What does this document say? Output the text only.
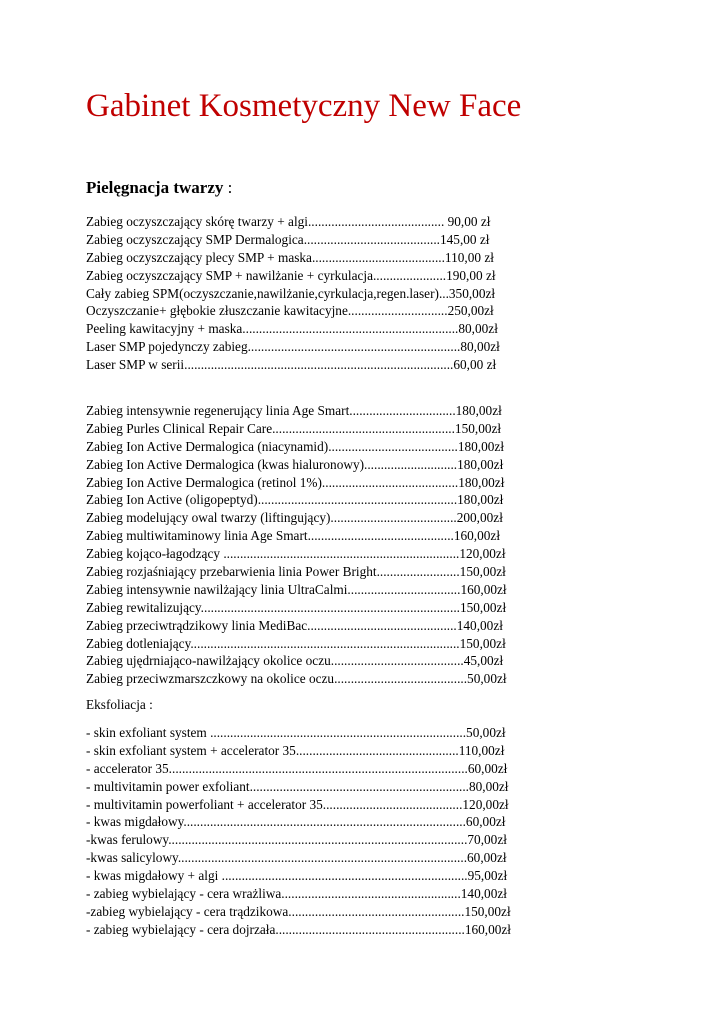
Gabinet Kosmetyczny New Face
Pielęgnacja twarzy :
Zabieg oczyszczający skórę twarzy + algi......................................... 90,00 zł
Zabieg oczyszczający SMP Dermalogica.........................................145,00 zł
Zabieg oczyszczający plecy SMP + maska........................................110,00 zł
Zabieg oczyszczający SMP + nawilżanie + cyrkulacja......................190,00 zł
Cały zabieg SPM(oczyszczanie,nawilżanie,cyrkulacja,regen.laser)...350,00zł
Oczyszczanie+ głębokie złuszczanie kawitacyjne..............................250,00zł
Peeling kawitacyjny + maska.................................................................80,00zł
Laser SMP pojedynczy zabieg................................................................80,00zł
Laser SMP w serii.................................................................................60,00 zł
Zabieg intensywnie regenerujący linia Age Smart................................180,00zł
Zabieg Purles Clinical Repair Care.......................................................150,00zł
Zabieg Ion Active Dermalogica (niacynamid).......................................180,00zł
Zabieg Ion Active Dermalogica (kwas hialuronowy)............................180,00zł
Zabieg Ion Active Dermalogica (retinol 1%).........................................180,00zł
Zabieg Ion Active (oligopeptyd)............................................................180,00zł
Zabieg modelujący owal twarzy (liftingujący)......................................200,00zł
Zabieg multiwitaminowy linia Age Smart............................................160,00zł
Zabieg kojąco-łagodzący .......................................................................120,00zł
Zabieg rozjaśniający przebarwienia linia Power Bright.........................150,00zł
Zabieg intensywnie nawilżający linia UltraCalmi..................................160,00zł
Zabieg rewitalizujący..............................................................................150,00zł
Zabieg przeciwtrądzikowy linia MediBac.............................................140,00zł
Zabieg dotleniający.................................................................................150,00zł
Zabieg ujędrniająco-nawilżający okolice oczu........................................45,00zł
Zabieg przeciwzmarszczkowy na okolice oczu........................................50,00zł
Eksfoliacja :
- skin exfoliant system .............................................................................50,00zł
- skin exfoliant system + accelerator 35.................................................110,00zł
- accelerator 35..........................................................................................60,00zł
- multivitamin power exfoliant..................................................................80,00zł
- multivitamin powerfoliant + accelerator 35..........................................120,00zł
- kwas migdałowy.....................................................................................60,00zł
-kwas ferulowy..........................................................................................70,00zł
-kwas salicylowy.......................................................................................60,00zł
- kwas migdałowy + algi ..........................................................................95,00zł
- zabieg wybielający - cera wrażliwa......................................................140,00zł
-zabieg wybielający - cera trądzikowa.....................................................150,00zł
- zabieg wybielający - cera dojrzała.........................................................160,00zł
